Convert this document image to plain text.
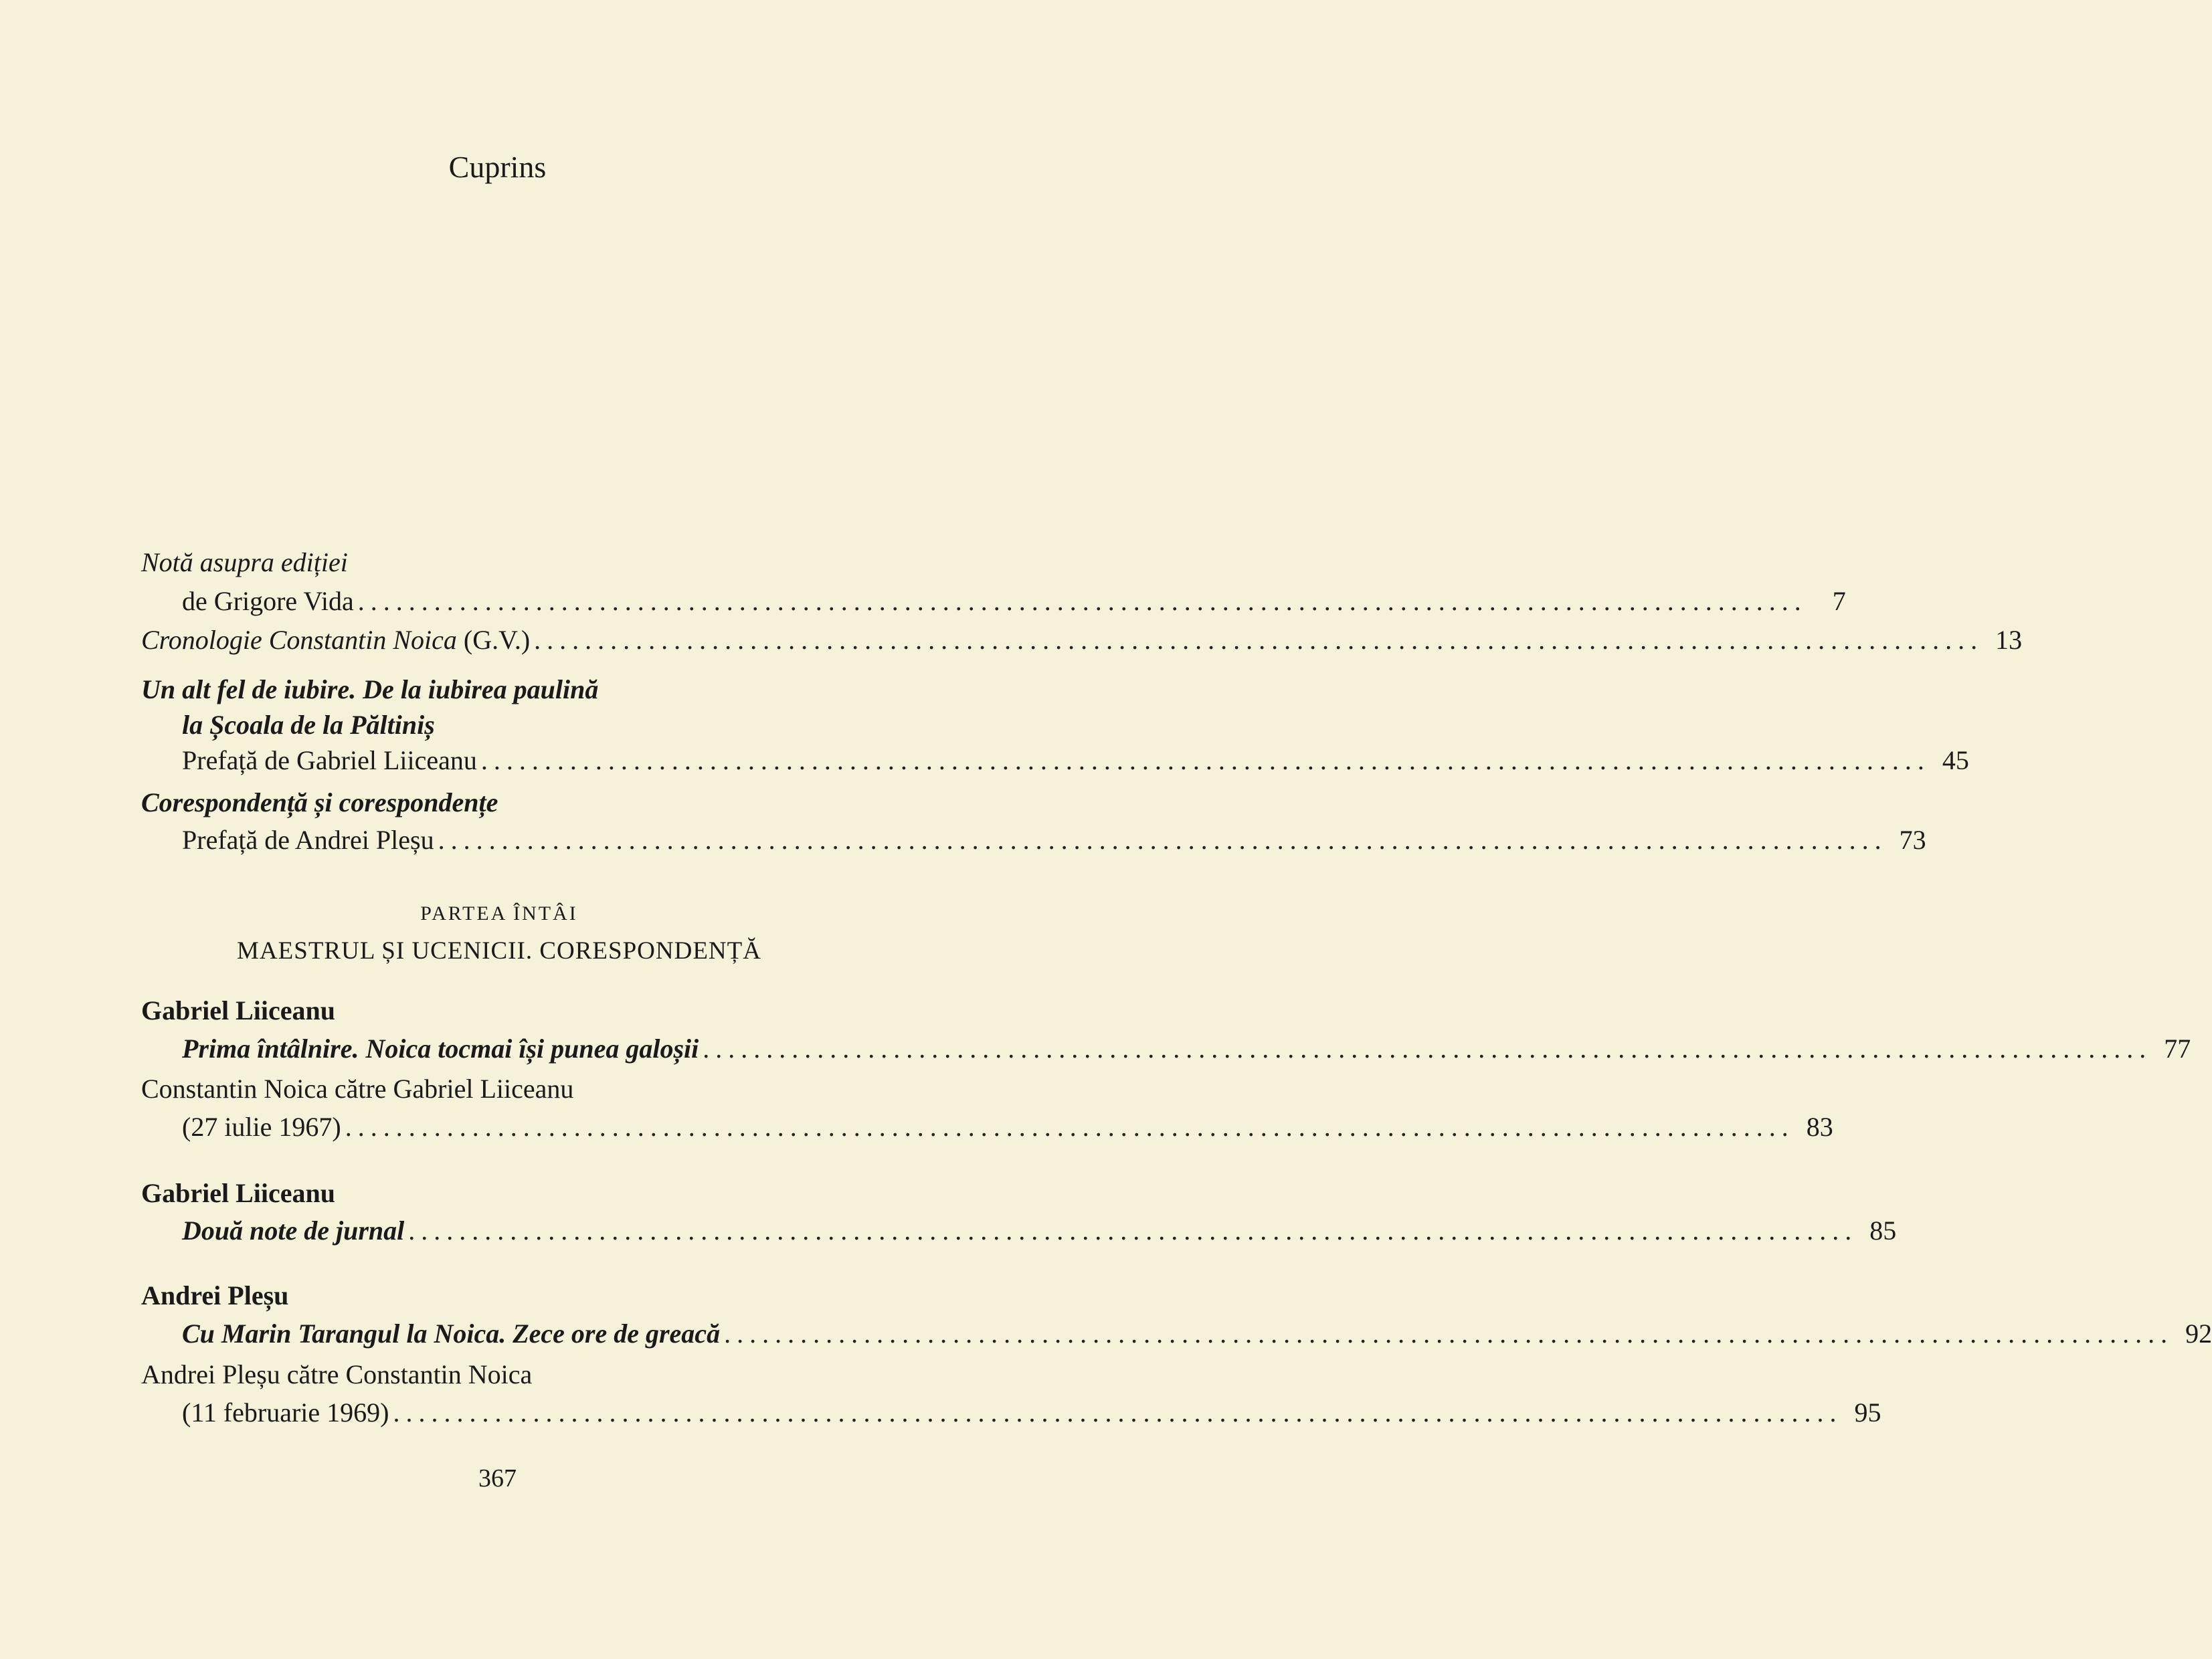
Cuprins
Notă asupra ediției
de Grigore Vida .................................................................................................................. 7
Cronologie Constantin Noica (G.V.) .................................................................................................................. 13
Un alt fel de iubire. De la iubirea paulină
la Școala de la Păltiniș
Prefață de Gabriel Liiceanu .................................................................................................................. 45
Corespondență și corespondențe
Prefață de Andrei Pleșu .................................................................................................................. 73
PARTEA ÎNTÂI
MAESTRUL ȘI UCENICII. CORESPONDENȚĂ
Gabriel Liiceanu
Prima întâlnire. Noica tocmai își punea galoșii .................................................................................................................. 77
Constantin Noica către Gabriel Liiceanu
(27 iulie 1967) .................................................................................................................. 83
Gabriel Liiceanu
Două note de jurnal .................................................................................................................. 85
Andrei Pleșu
Cu Marin Tarangul la Noica. Zece ore de greacă .................................................................................................................. 92
Andrei Pleșu către Constantin Noica
(11 februarie 1969) .................................................................................................................. 95
367
